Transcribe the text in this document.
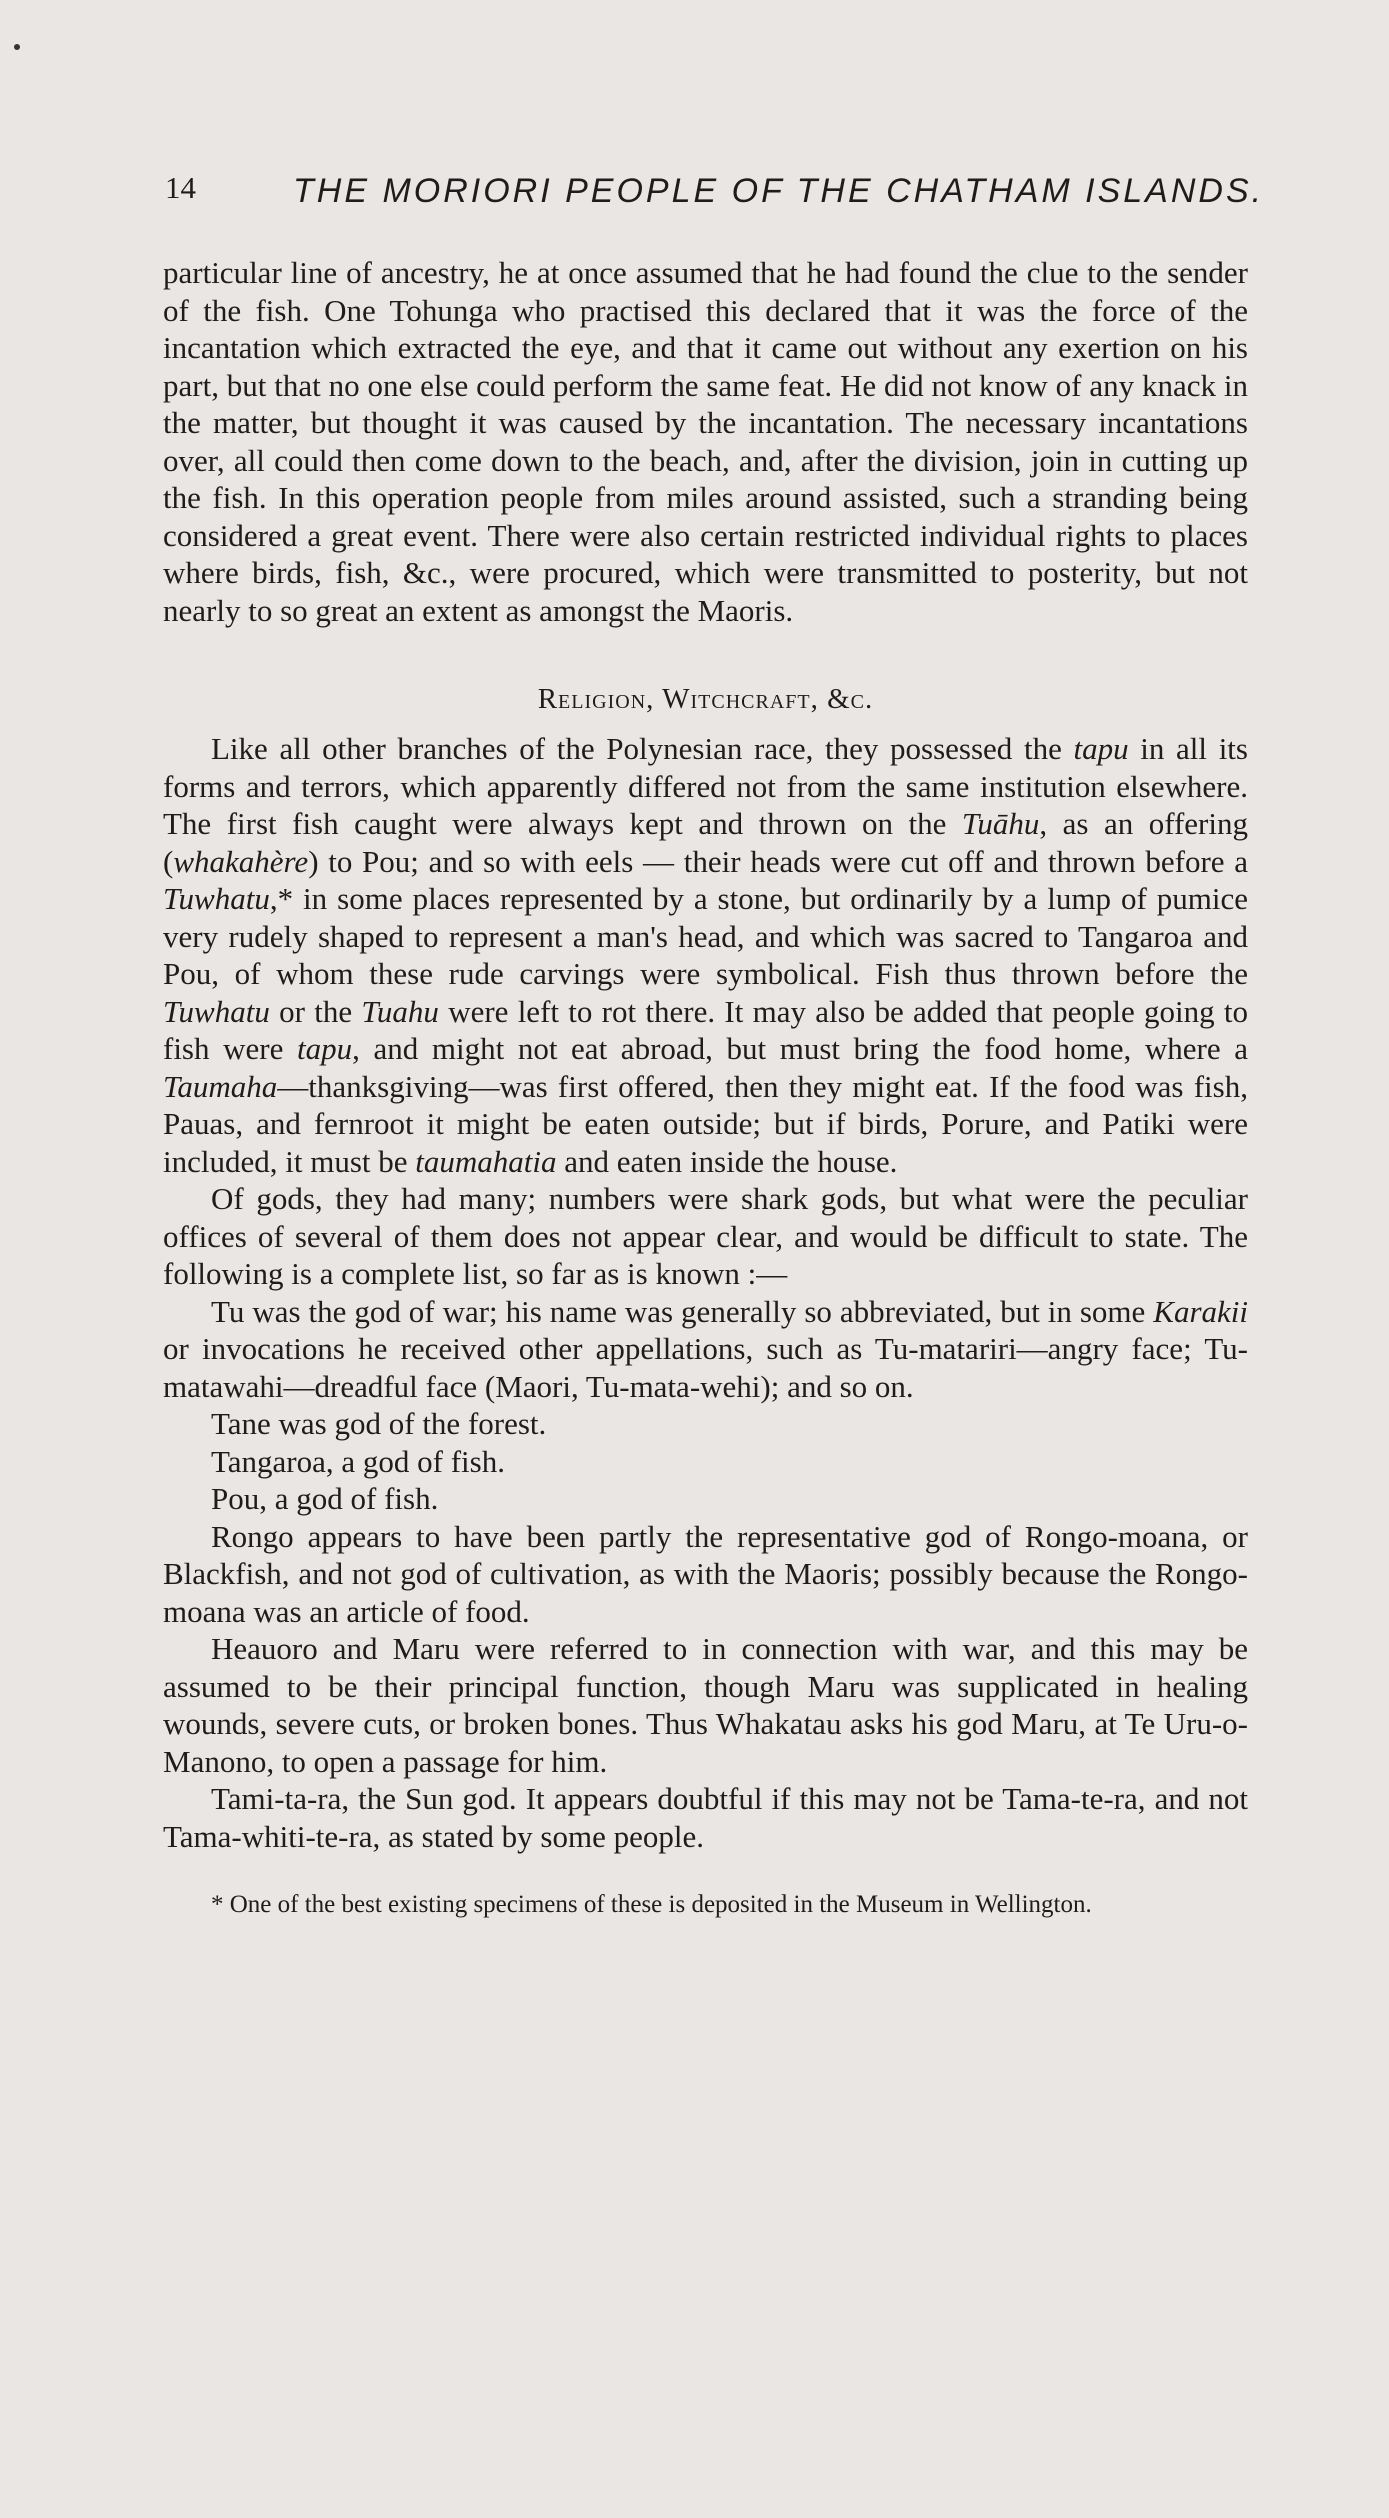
14	THE MORIORI PEOPLE OF THE CHATHAM ISLANDS.

particular line of ancestry, he at once assumed that he had found the clue to the sender of the fish. One Tohunga who practised this declared that it was the force of the incantation which extracted the eye, and that it came out without any exertion on his part, but that no one else could perform the same feat. He did not know of any knack in the matter, but thought it was caused by the incantation. The necessary incantations over, all could then come down to the beach, and, after the division, join in cutting up the fish. In this operation people from miles around assisted, such a stranding being considered a great event. There were also certain restricted individual rights to places where birds, fish, &c., were procured, which were transmitted to posterity, but not nearly to so great an extent as amongst the Maoris.

Religion, Witchcraft, &c.

Like all other branches of the Polynesian race, they possessed the tapu in all its forms and terrors, which apparently differed not from the same institution elsewhere. The first fish caught were always kept and thrown on the Tuāhu, as an offering (whakahère) to Pou; and so with eels — their heads were cut off and thrown before a Tuwhatu,* in some places represented by a stone, but ordinarily by a lump of pumice very rudely shaped to represent a man's head, and which was sacred to Tangaroa and Pou, of whom these rude carvings were symbolical. Fish thus thrown before the Tuwhatu or the Tuahu were left to rot there. It may also be added that people going to fish were tapu, and might not eat abroad, but must bring the food home, where a Taumaha—thanksgiving—was first offered, then they might eat. If the food was fish, Pauas, and fernroot it might be eaten outside; but if birds, Porure, and Patiki were included, it must be taumahatia and eaten inside the house.

Of gods, they had many; numbers were shark gods, but what were the peculiar offices of several of them does not appear clear, and would be difficult to state. The following is a complete list, so far as is known :—

Tu was the god of war; his name was generally so abbreviated, but in some Karakii or invocations he received other appellations, such as Tu-matariri—angry face; Tu-matawahi—dreadful face (Maori, Tu-mata-wehi); and so on.

Tane was god of the forest.

Tangaroa, a god of fish.

Pou, a god of fish.

Rongo appears to have been partly the representative god of Rongo-moana, or Blackfish, and not god of cultivation, as with the Maoris; possibly because the Rongo-moana was an article of food.

Heauoro and Maru were referred to in connection with war, and this may be assumed to be their principal function, though Maru was supplicated in healing wounds, severe cuts, or broken bones. Thus Whakatau asks his god Maru, at Te Uru-o-Manono, to open a passage for him.

Tami-ta-ra, the Sun god. It appears doubtful if this may not be Tama-te-ra, and not Tama-whiti-te-ra, as stated by some people.

* One of the best existing specimens of these is deposited in the Museum in Wellington.
